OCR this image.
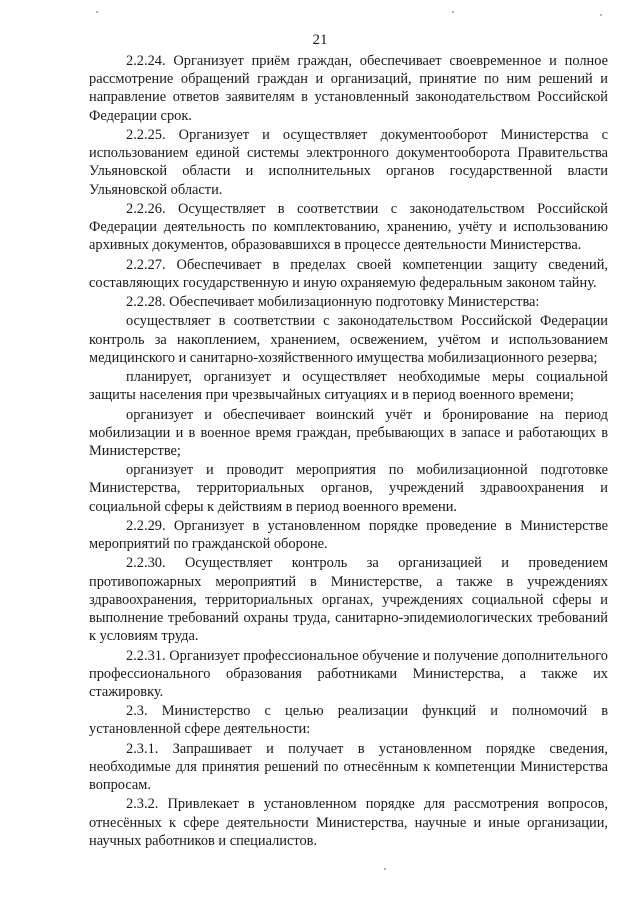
21

2.2.24. Организует приём граждан, обеспечивает своевременное и полное рассмотрение обращений граждан и организаций, принятие по ним решений и направление ответов заявителям в установленный законодательством Российской Федерации срок.

2.2.25. Организует и осуществляет документооборот Министерства с использованием единой системы электронного документооборота Правительства Ульяновской области и исполнительных органов государственной власти Ульяновской области.

2.2.26. Осуществляет в соответствии с законодательством Российской Федерации деятельность по комплектованию, хранению, учёту и использованию архивных документов, образовавшихся в процессе деятельности Министерства.

2.2.27. Обеспечивает в пределах своей компетенции защиту сведений, составляющих государственную и иную охраняемую федеральным законом тайну.

2.2.28. Обеспечивает мобилизационную подготовку Министерства:

осуществляет в соответствии с законодательством Российской Федерации контроль за накоплением, хранением, освежением, учётом и использованием медицинского и санитарно-хозяйственного имущества мобилизационного резерва;

планирует, организует и осуществляет необходимые меры социальной защиты населения при чрезвычайных ситуациях и в период военного времени;

организует и обеспечивает воинский учёт и бронирование на период мобилизации и в военное время граждан, пребывающих в запасе и работающих в Министерстве;

организует и проводит мероприятия по мобилизационной подготовке Министерства, территориальных органов, учреждений здравоохранения и социальной сферы к действиям в период военного времени.

2.2.29. Организует в установленном порядке проведение в Министерстве мероприятий по гражданской обороне.

2.2.30. Осуществляет контроль за организацией и проведением противопожарных мероприятий в Министерстве, а также в учреждениях здравоохранения, территориальных органах, учреждениях социальной сферы и выполнение требований охраны труда, санитарно-эпидемиологических требований к условиям труда.

2.2.31. Организует профессиональное обучение и получение дополнительного профессионального образования работниками Министерства, а также их стажировку.

2.3. Министерство с целью реализации функций и полномочий в установленной сфере деятельности:

2.3.1. Запрашивает и получает в установленном порядке сведения, необходимые для принятия решений по отнесённым к компетенции Министерства вопросам.

2.3.2. Привлекает в установленном порядке для рассмотрения вопросов, отнесённых к сфере деятельности Министерства, научные и иные организации, научных работников и специалистов.
